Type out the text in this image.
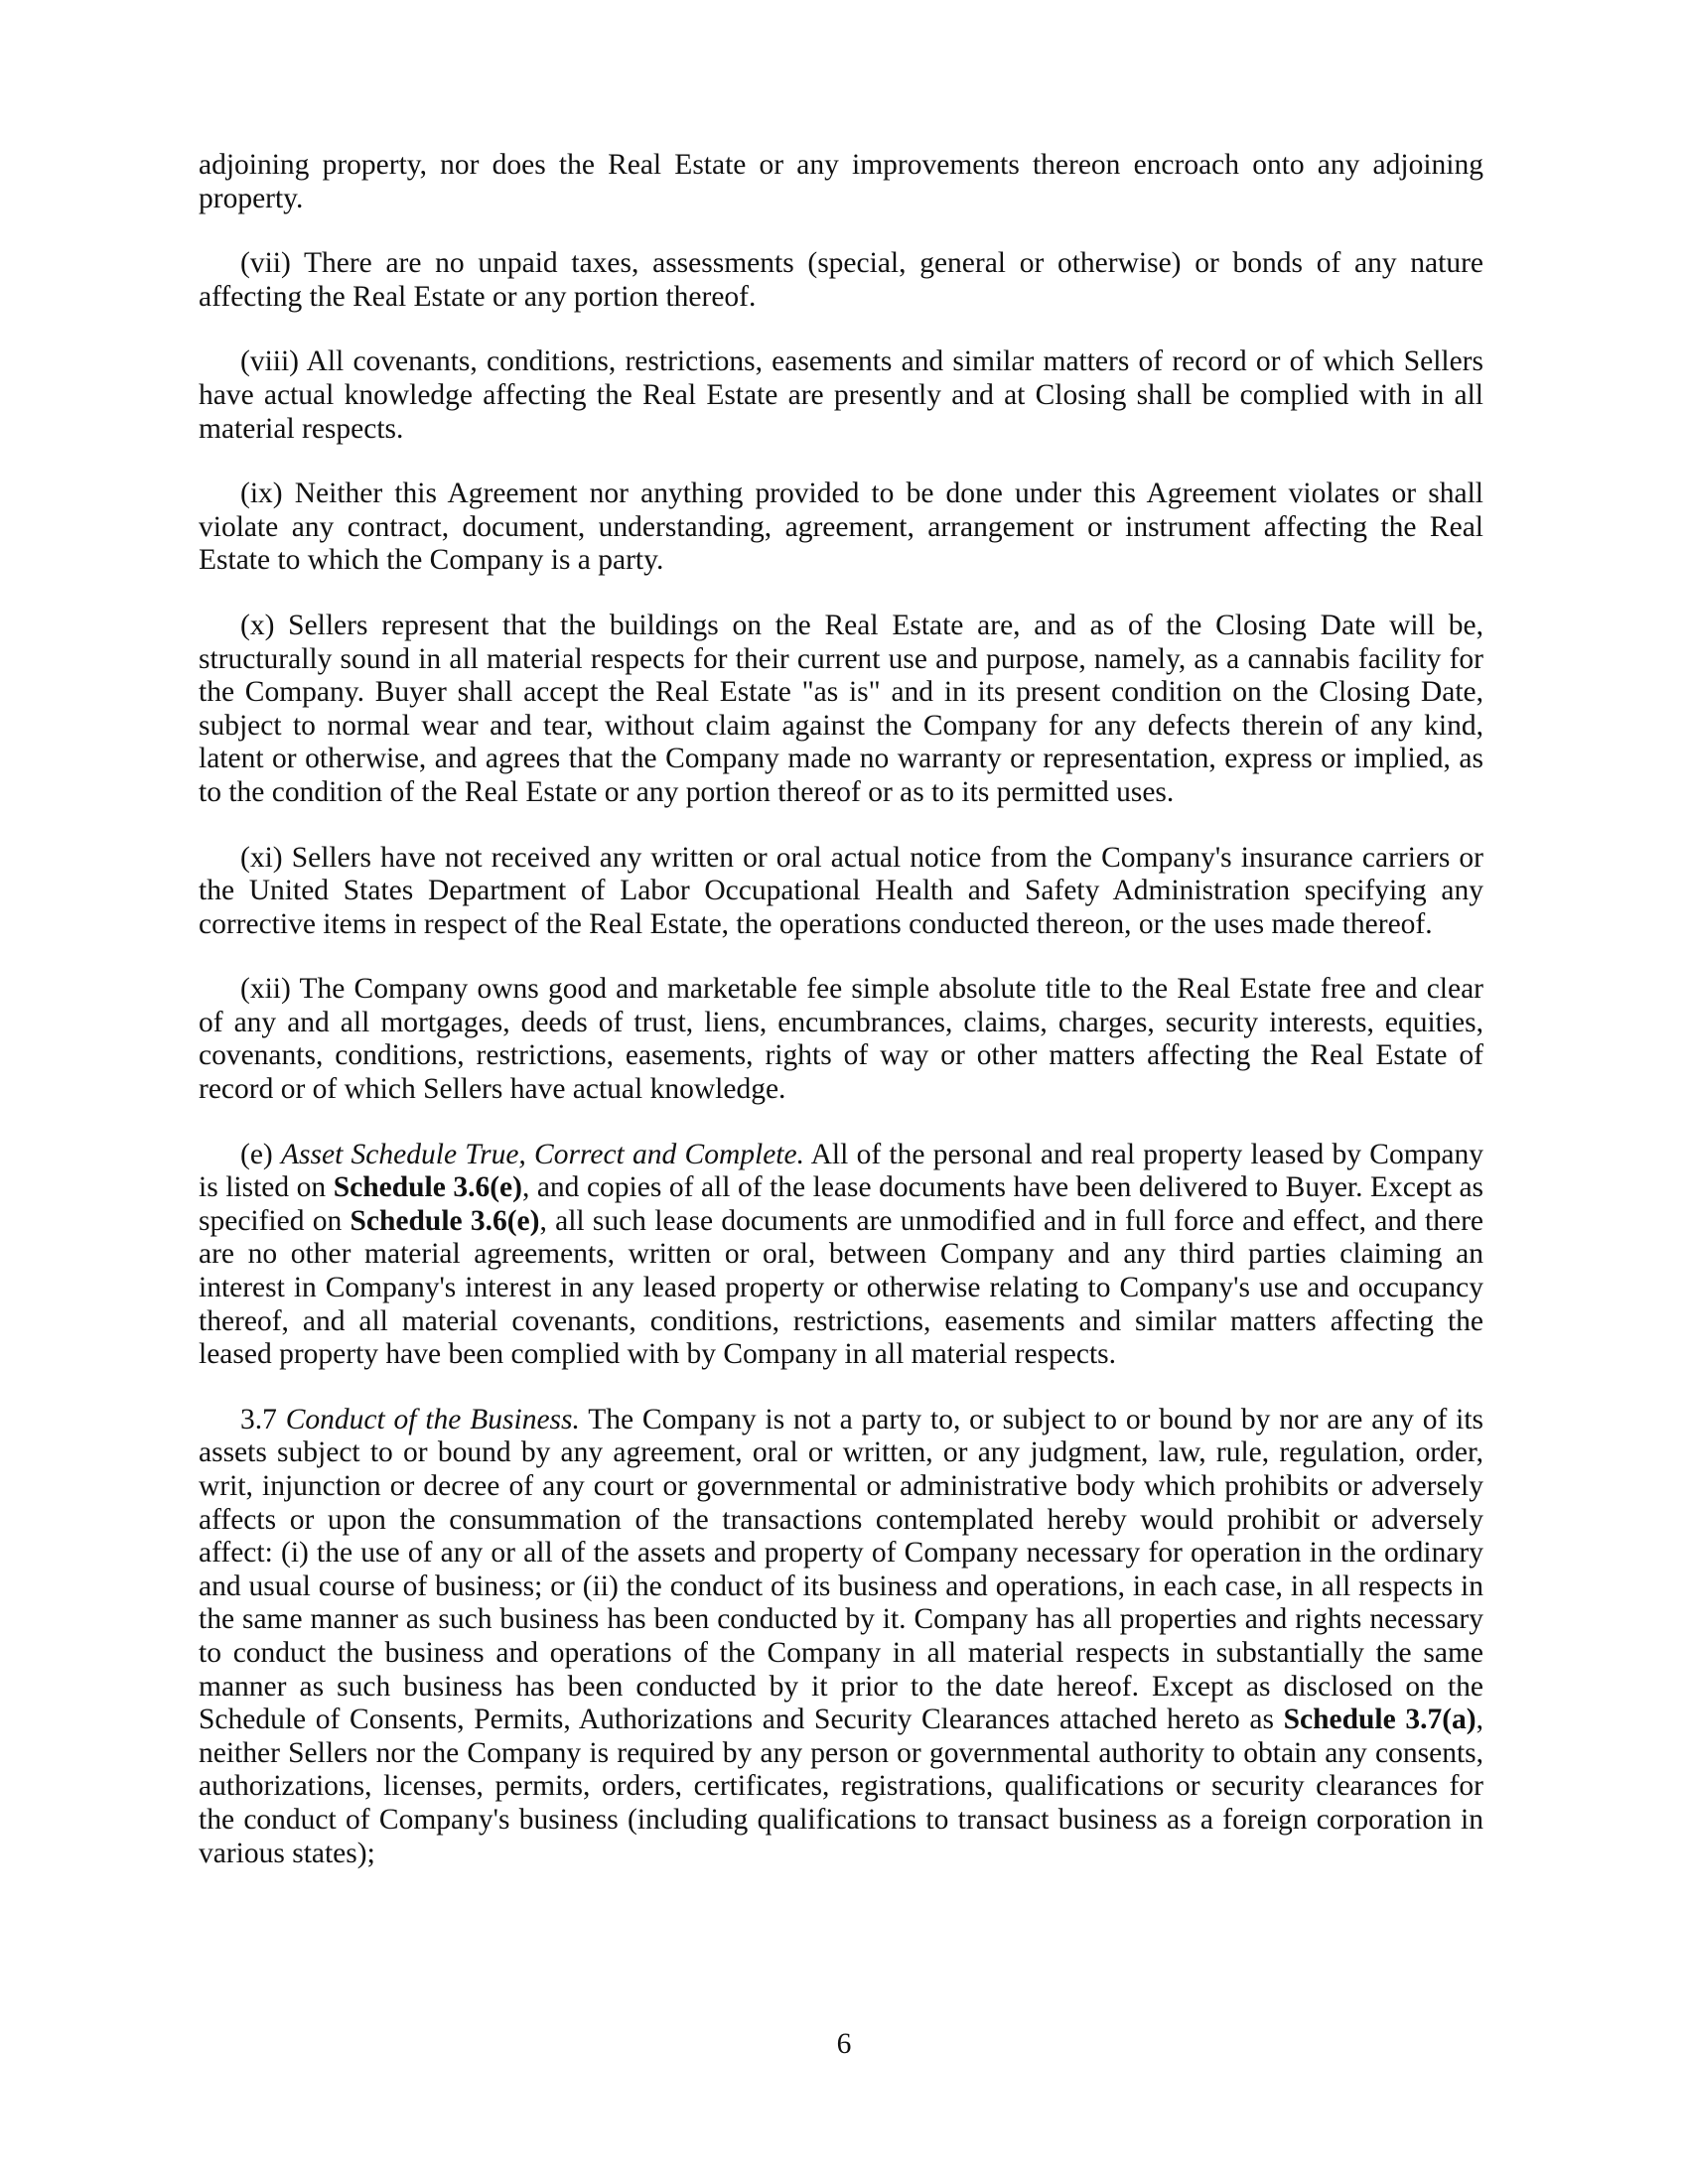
adjoining property, nor does the Real Estate or any improvements thereon encroach onto any adjoining property.

(vii) There are no unpaid taxes, assessments (special, general or otherwise) or bonds of any nature affecting the Real Estate or any portion thereof.

(viii) All covenants, conditions, restrictions, easements and similar matters of record or of which Sellers have actual knowledge affecting the Real Estate are presently and at Closing shall be complied with in all material respects.

(ix) Neither this Agreement nor anything provided to be done under this Agreement violates or shall violate any contract, document, understanding, agreement, arrangement or instrument affecting the Real Estate to which the Company is a party.

(x) Sellers represent that the buildings on the Real Estate are, and as of the Closing Date will be, structurally sound in all material respects for their current use and purpose, namely, as a cannabis facility for the Company. Buyer shall accept the Real Estate "as is" and in its present condition on the Closing Date, subject to normal wear and tear, without claim against the Company for any defects therein of any kind, latent or otherwise, and agrees that the Company made no warranty or representation, express or implied, as to the condition of the Real Estate or any portion thereof or as to its permitted uses.

(xi) Sellers have not received any written or oral actual notice from the Company's insurance carriers or the United States Department of Labor Occupational Health and Safety Administration specifying any corrective items in respect of the Real Estate, the operations conducted thereon, or the uses made thereof.

(xii) The Company owns good and marketable fee simple absolute title to the Real Estate free and clear of any and all mortgages, deeds of trust, liens, encumbrances, claims, charges, security interests, equities, covenants, conditions, restrictions, easements, rights of way or other matters affecting the Real Estate of record or of which Sellers have actual knowledge.

(e) Asset Schedule True, Correct and Complete. All of the personal and real property leased by Company is listed on Schedule 3.6(e), and copies of all of the lease documents have been delivered to Buyer. Except as specified on Schedule 3.6(e), all such lease documents are unmodified and in full force and effect, and there are no other material agreements, written or oral, between Company and any third parties claiming an interest in Company's interest in any leased property or otherwise relating to Company's use and occupancy thereof, and all material covenants, conditions, restrictions, easements and similar matters affecting the leased property have been complied with by Company in all material respects.

3.7 Conduct of the Business. The Company is not a party to, or subject to or bound by nor are any of its assets subject to or bound by any agreement, oral or written, or any judgment, law, rule, regulation, order, writ, injunction or decree of any court or governmental or administrative body which prohibits or adversely affects or upon the consummation of the transactions contemplated hereby would prohibit or adversely affect: (i) the use of any or all of the assets and property of Company necessary for operation in the ordinary and usual course of business; or (ii) the conduct of its business and operations, in each case, in all respects in the same manner as such business has been conducted by it. Company has all properties and rights necessary to conduct the business and operations of the Company in all material respects in substantially the same manner as such business has been conducted by it prior to the date hereof. Except as disclosed on the Schedule of Consents, Permits, Authorizations and Security Clearances attached hereto as Schedule 3.7(a), neither Sellers nor the Company is required by any person or governmental authority to obtain any consents, authorizations, licenses, permits, orders, certificates, registrations, qualifications or security clearances for the conduct of Company's business (including qualifications to transact business as a foreign corporation in various states);

6
